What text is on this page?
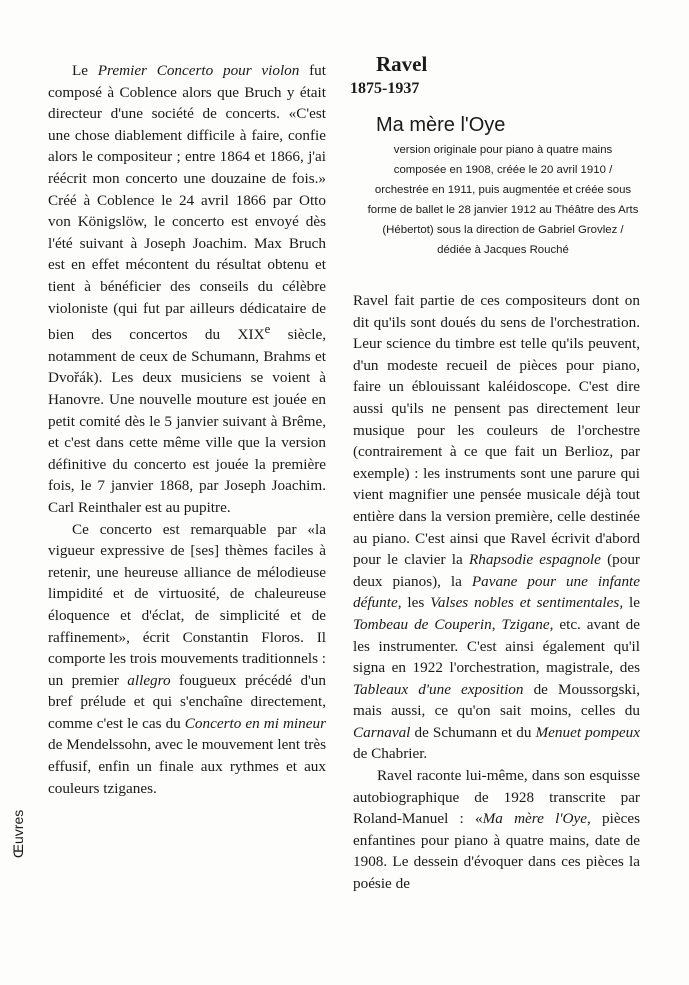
Œuvres
Ravel
1875-1937
Ma mère l'Oye
version originale pour piano à quatre mains composée en 1908, créée le 20 avril 1910 / orchestrée en 1911, puis augmentée et créée sous forme de ballet le 28 janvier 1912 au Théâtre des Arts (Hébertot) sous la direction de Gabriel Grovlez / dédiée à Jacques Rouché

Le Premier Concerto pour violon fut composé à Coblence alors que Bruch y était directeur d'une société de concerts. «C'est une chose diablement difficile à faire, confie alors le compositeur ; entre 1864 et 1866, j'ai réécrit mon concerto une douzaine de fois.» Créé à Coblence le 24 avril 1866 par Otto von Königslöw, le concerto est envoyé dès l'été suivant à Joseph Joachim. Max Bruch est en effet mécontent du résultat obtenu et tient à bénéficier des conseils du célèbre violoniste (qui fut par ailleurs dédicataire de bien des concertos du XIXe siècle, notamment de ceux de Schumann, Brahms et Dvořák). Les deux musiciens se voient à Hanovre. Une nouvelle mouture est jouée en petit comité dès le 5 janvier suivant à Brême, et c'est dans cette même ville que la version définitive du concerto est jouée la première fois, le 7 janvier 1868, par Joseph Joachim. Carl Reinthaler est au pupitre.

Ce concerto est remarquable par «la vigueur expressive de [ses] thèmes faciles à retenir, une heureuse alliance de mélodieuse limpidité et de virtuosité, de chaleureuse éloquence et d'éclat, de simplicité et de raffinement», écrit Constantin Floros. Il comporte les trois mouvements traditionnels : un premier allegro fougueux précédé d'un bref prélude et qui s'enchaîne directement, comme c'est le cas du Concerto en mi mineur de Mendelssohn, avec le mouvement lent très effusif, enfin un finale aux rythmes et aux couleurs tziganes.

Ravel fait partie de ces compositeurs dont on dit qu'ils sont doués du sens de l'orchestration. Leur science du timbre est telle qu'ils peuvent, d'un modeste recueil de pièces pour piano, faire un éblouissant kaléidoscope. C'est dire aussi qu'ils ne pensent pas directement leur musique pour les couleurs de l'orchestre (contrairement à ce que fait un Berlioz, par exemple) : les instruments sont une parure qui vient magnifier une pensée musicale déjà tout entière dans la version première, celle destinée au piano. C'est ainsi que Ravel écrivit d'abord pour le clavier la Rhapsodie espagnole (pour deux pianos), la Pavane pour une infante défunte, les Valses nobles et sentimentales, le Tombeau de Couperin, Tzigane, etc. avant de les instrumenter. C'est ainsi également qu'il signa en 1922 l'orchestration, magistrale, des Tableaux d'une exposition de Moussorgski, mais aussi, ce qu'on sait moins, celles du Carnaval de Schumann et du Menuet pompeux de Chabrier.

Ravel raconte lui-même, dans son esquisse autobiographique de 1928 transcrite par Roland-Manuel : «Ma mère l'Oye, pièces enfantines pour piano à quatre mains, date de 1908. Le dessein d'évoquer dans ces pièces la poésie de
